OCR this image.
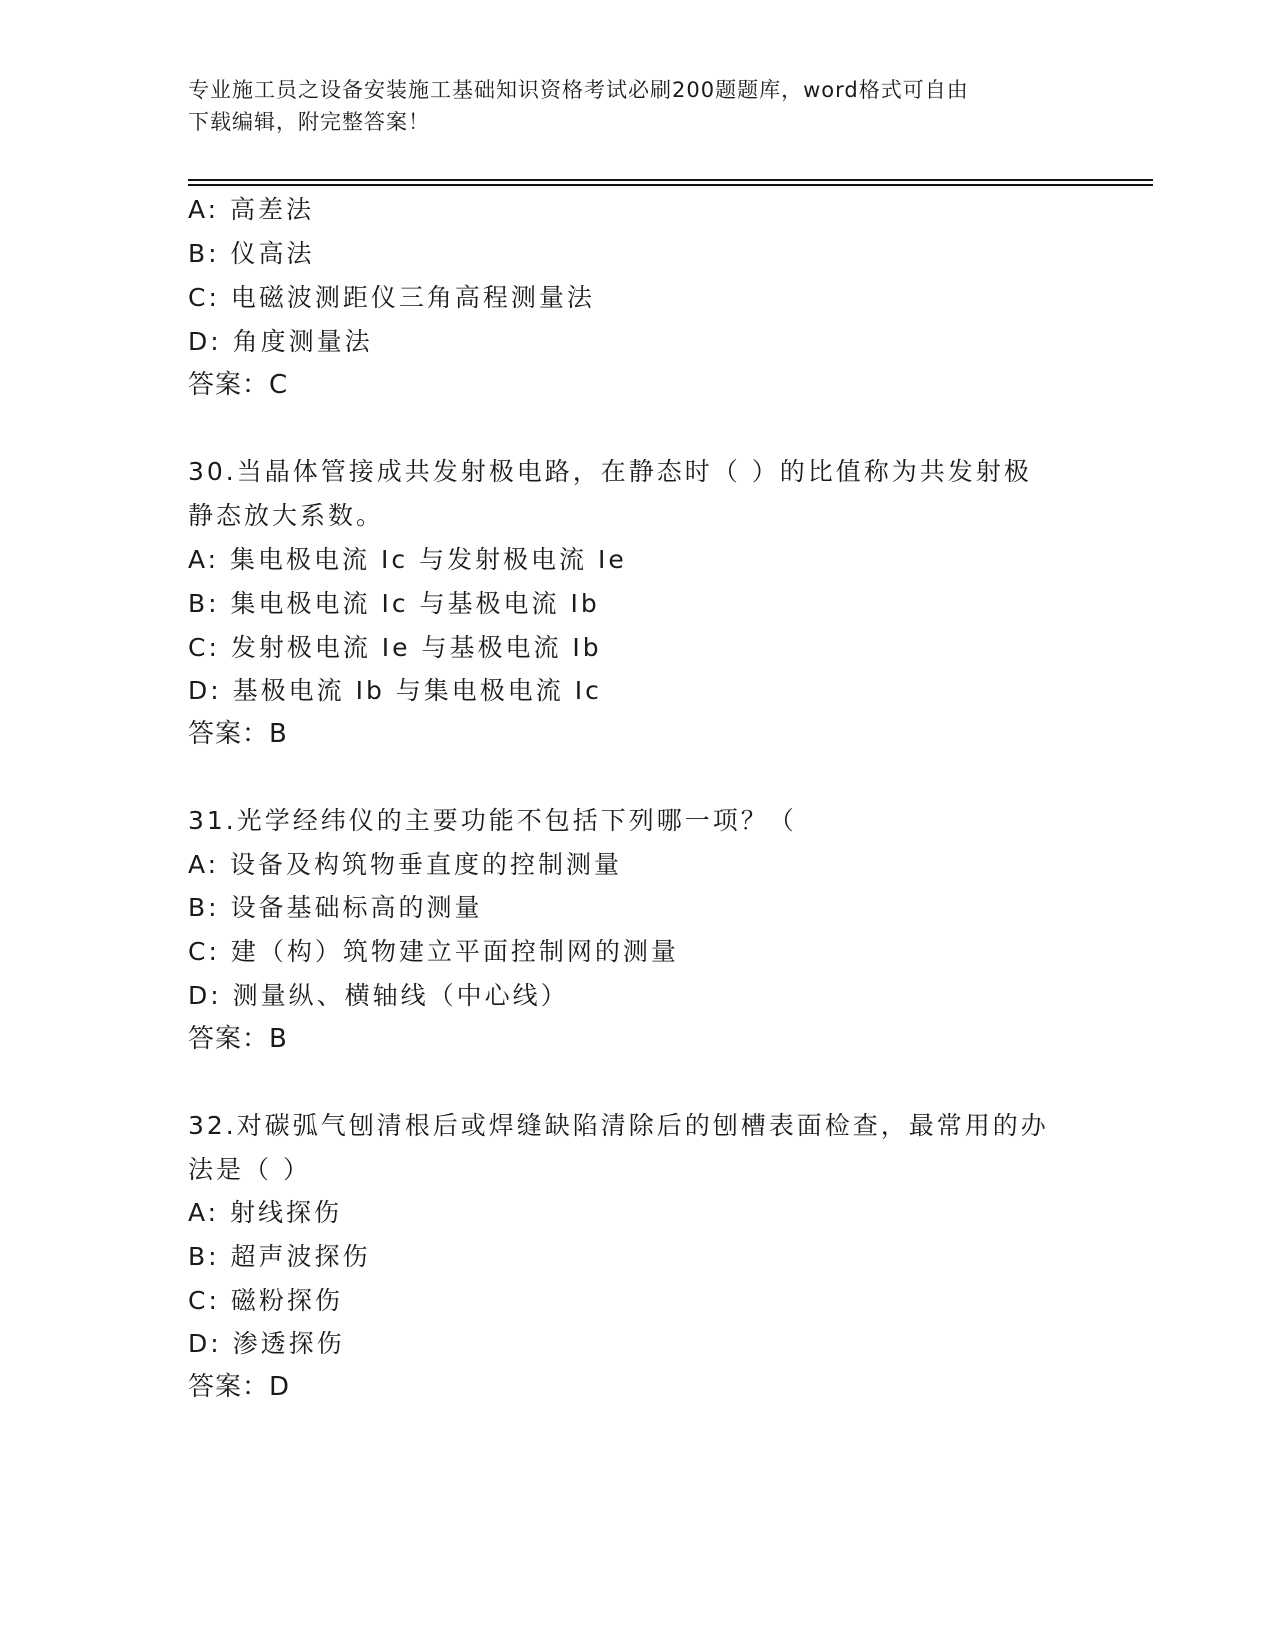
专业施工员之设备安装施工基础知识资格考试必刷200题题库，word格式可自由
下载编辑，附完整答案！
A: 高差法
B: 仪高法
C: 电磁波测距仪三角高程测量法
D: 角度测量法
答案：C
30.当晶体管接成共发射极电路，在静态时（ ）的比值称为共发射极
静态放大系数。
A: 集电极电流 Ic 与发射极电流 Ie
B: 集电极电流 Ic 与基极电流 Ib
C: 发射极电流 Ie 与基极电流 Ib
D: 基极电流 Ib 与集电极电流 Ic
答案：B
31.光学经纬仪的主要功能不包括下列哪一项？（
A: 设备及构筑物垂直度的控制测量
B: 设备基础标高的测量
C: 建（构）筑物建立平面控制网的测量
D: 测量纵、横轴线（中心线）
答案：B
32.对碳弧气刨清根后或焊缝缺陷清除后的刨槽表面检查，最常用的办
法是（ ）
A: 射线探伤
B: 超声波探伤
C: 磁粉探伤
D: 渗透探伤
答案：D
